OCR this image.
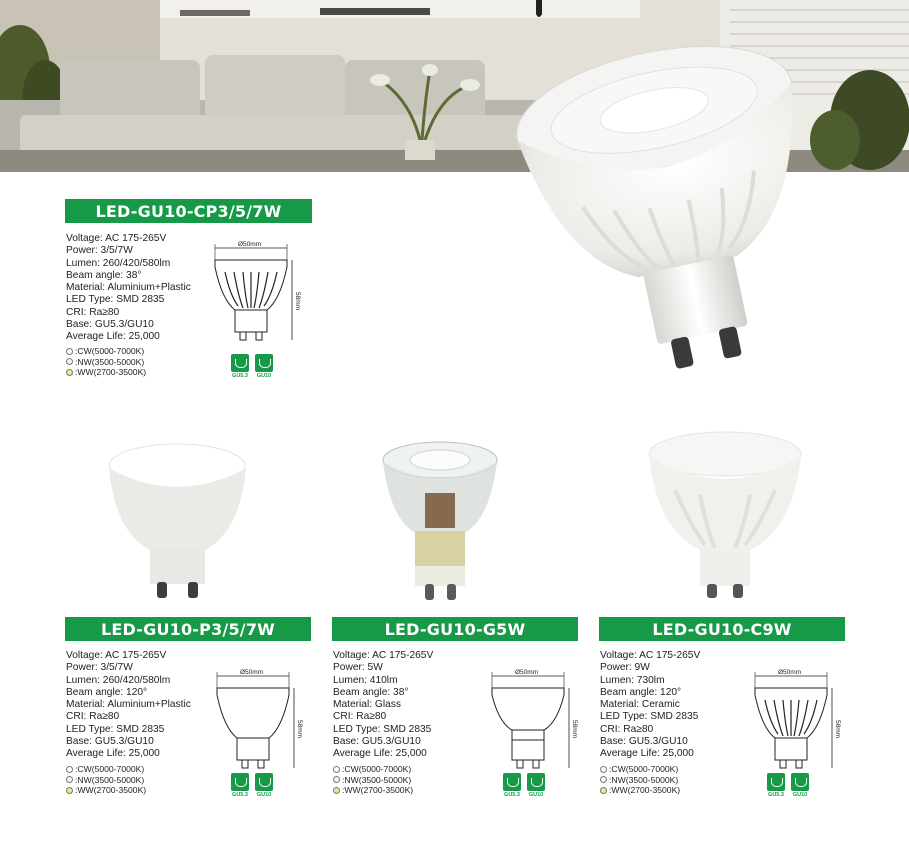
LED-GU10-CP3/5/7W
Voltage: AC 175-265V
Power: 3/5/7W
Lumen: 260/420/580lm
Beam angle: 38°
Material: Aluminium+Plastic
LED Type: SMD 2835
CRI: Ra≥80
Base: GU5.3/GU10
Average Life: 25,000
:CW(5000-7000K)
:NW(3500-5000K)
:WW(2700-3500K)
Ø50mm
58mm
GU5.3 GU10
LED-GU10-P3/5/7W
Voltage: AC 175-265V
Power: 3/5/7W
Lumen: 260/420/580lm
Beam angle: 120°
Material: Aluminium+Plastic
CRI: Ra≥80
LED Type: SMD 2835
Base: GU5.3/GU10
Average Life: 25,000
:CW(5000-7000K)
:NW(3500-5000K)
:WW(2700-3500K)
Ø50mm
58mm
GU5.3 GU10
LED-GU10-G5W
Voltage: AC 175-265V
Power: 5W
Lumen: 410lm
Beam angle: 38°
Material: Glass
CRI: Ra≥80
LED Type: SMD 2835
Base: GU5.3/GU10
Average Life: 25,000
:CW(5000-7000K)
:NW(3500-5000K)
:WW(2700-3500K)
Ø50mm
58mm
GU5.3 GU10
LED-GU10-C9W
Voltage: AC 175-265V
Power: 9W
Lumen: 730lm
Beam angle: 120°
Material: Ceramic
LED Type: SMD 2835
CRI: Ra≥80
Base: GU5.3/GU10
Average Life: 25,000
:CW(5000-7000K)
:NW(3500-5000K)
:WW(2700-3500K)
Ø50mm
58mm
GU5.3 GU10
